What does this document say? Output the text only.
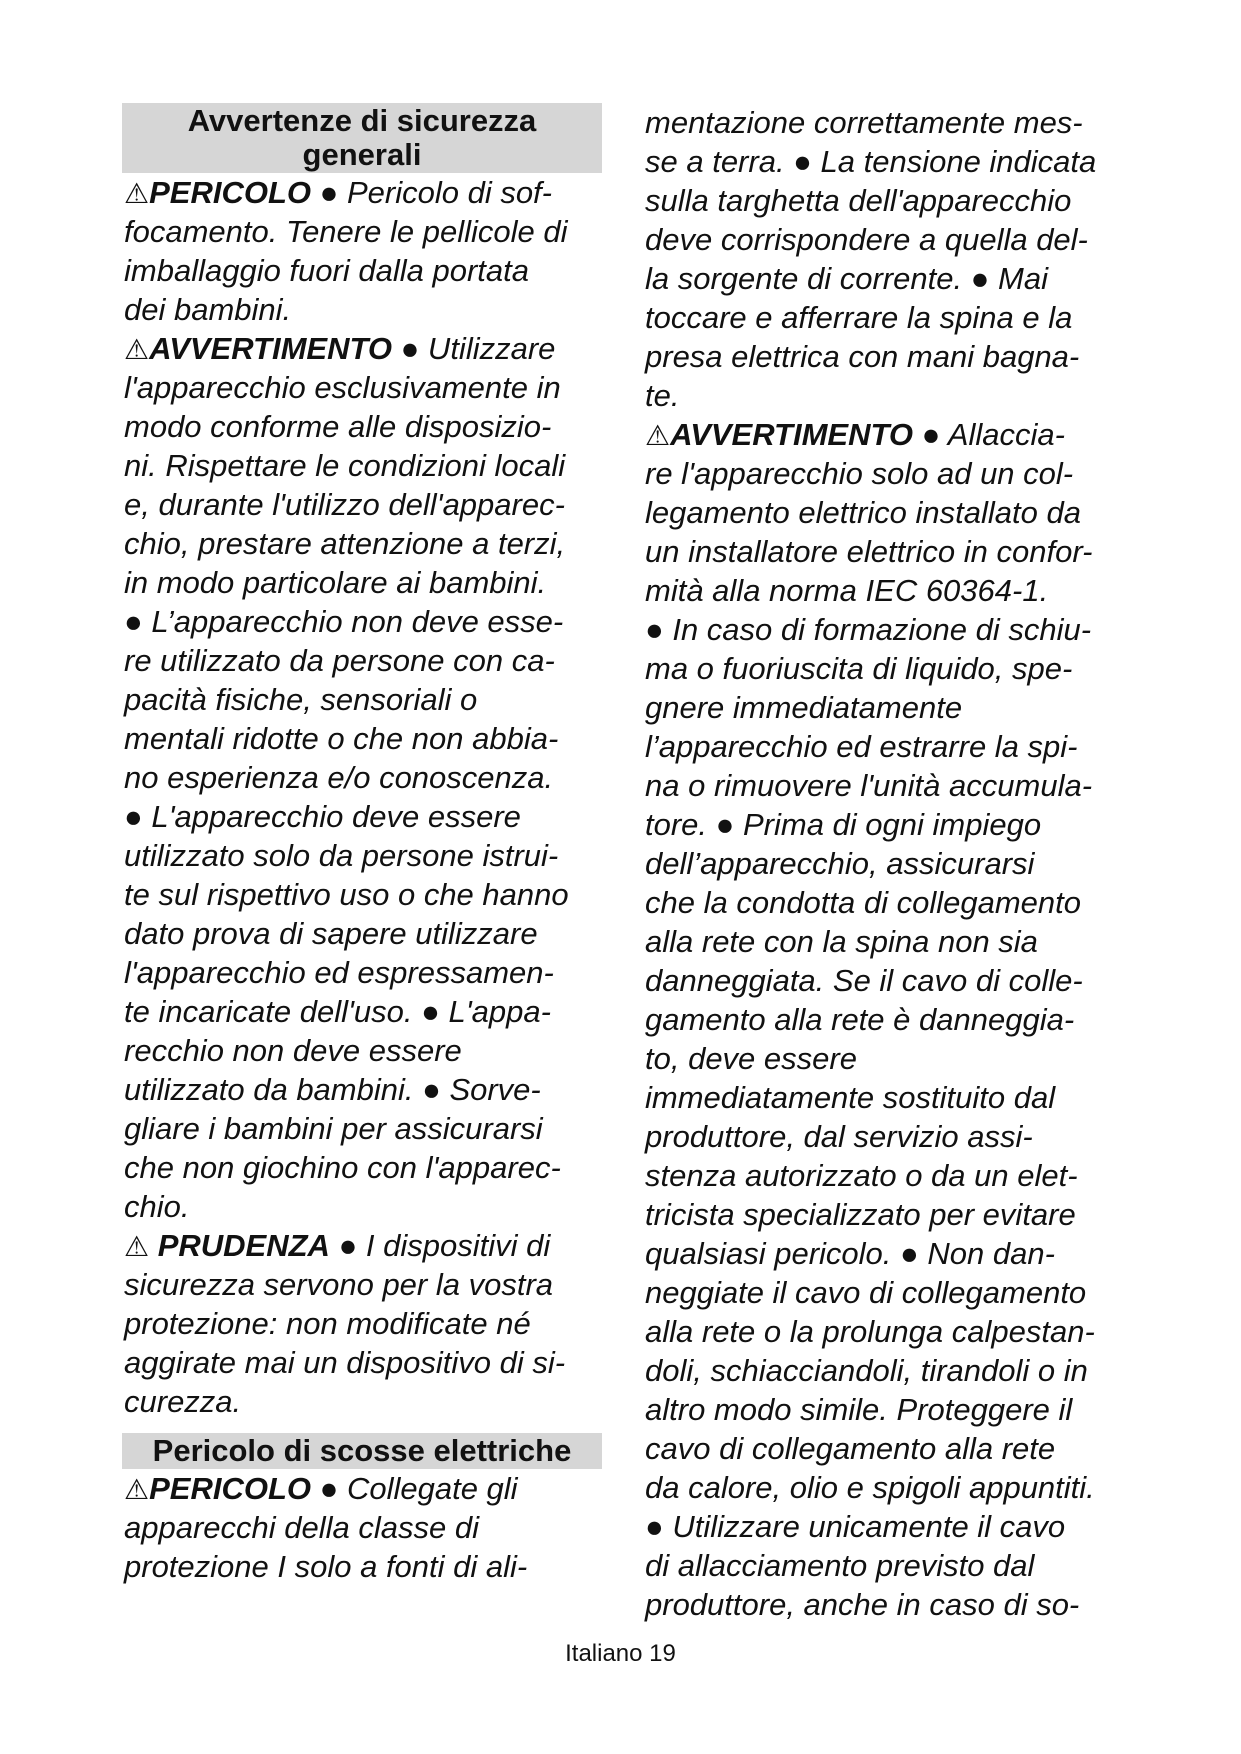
Avvertenze di sicurezza
generali
⚠PERICOLO ● Pericolo di sof-
focamento. Tenere le pellicole di
imballaggio fuori dalla portata
dei bambini.
⚠AVVERTIMENTO ● Utilizzare
l'apparecchio esclusivamente in
modo conforme alle disposizio-
ni. Rispettare le condizioni locali
e, durante l'utilizzo dell'apparec-
chio, prestare attenzione a terzi,
in modo particolare ai bambini.
● L’apparecchio non deve esse-
re utilizzato da persone con ca-
pacità fisiche, sensoriali o
mentali ridotte o che non abbia-
no esperienza e/o conoscenza.
● L'apparecchio deve essere
utilizzato solo da persone istrui-
te sul rispettivo uso o che hanno
dato prova di sapere utilizzare
l'apparecchio ed espressamen-
te incaricate dell'uso. ● L'appa-
recchio non deve essere
utilizzato da bambini. ● Sorve-
gliare i bambini per assicurarsi
che non giochino con l'apparec-
chio.
⚠ PRUDENZA ● I dispositivi di
sicurezza servono per la vostra
protezione: non modificate né
aggirate mai un dispositivo di si-
curezza.
Pericolo di scosse elettriche
⚠PERICOLO ● Collegate gli
apparecchi della classe di
protezione I solo a fonti di ali-
mentazione correttamente mes-
se a terra. ● La tensione indicata
sulla targhetta dell'apparecchio
deve corrispondere a quella del-
la sorgente di corrente. ● Mai
toccare e afferrare la spina e la
presa elettrica con mani bagna-
te.
⚠AVVERTIMENTO ● Allaccia-
re l'apparecchio solo ad un col-
legamento elettrico installato da
un installatore elettrico in confor-
mità alla norma IEC 60364-1.
● In caso di formazione di schiu-
ma o fuoriuscita di liquido, spe-
gnere immediatamente
l’apparecchio ed estrarre la spi-
na o rimuovere l'unità accumula-
tore. ● Prima di ogni impiego
dell’apparecchio, assicurarsi
che la condotta di collegamento
alla rete con la spina non sia
danneggiata. Se il cavo di colle-
gamento alla rete è danneggia-
to, deve essere
immediatamente sostituito dal
produttore, dal servizio assi-
stenza autorizzato o da un elet-
tricista specializzato per evitare
qualsiasi pericolo. ● Non dan-
neggiate il cavo di collegamento
alla rete o la prolunga calpestan-
doli, schiacciandoli, tirandoli o in
altro modo simile. Proteggere il
cavo di collegamento alla rete
da calore, olio e spigoli appuntiti.
● Utilizzare unicamente il cavo
di allacciamento previsto dal
produttore, anche in caso di so-
Italiano 19
